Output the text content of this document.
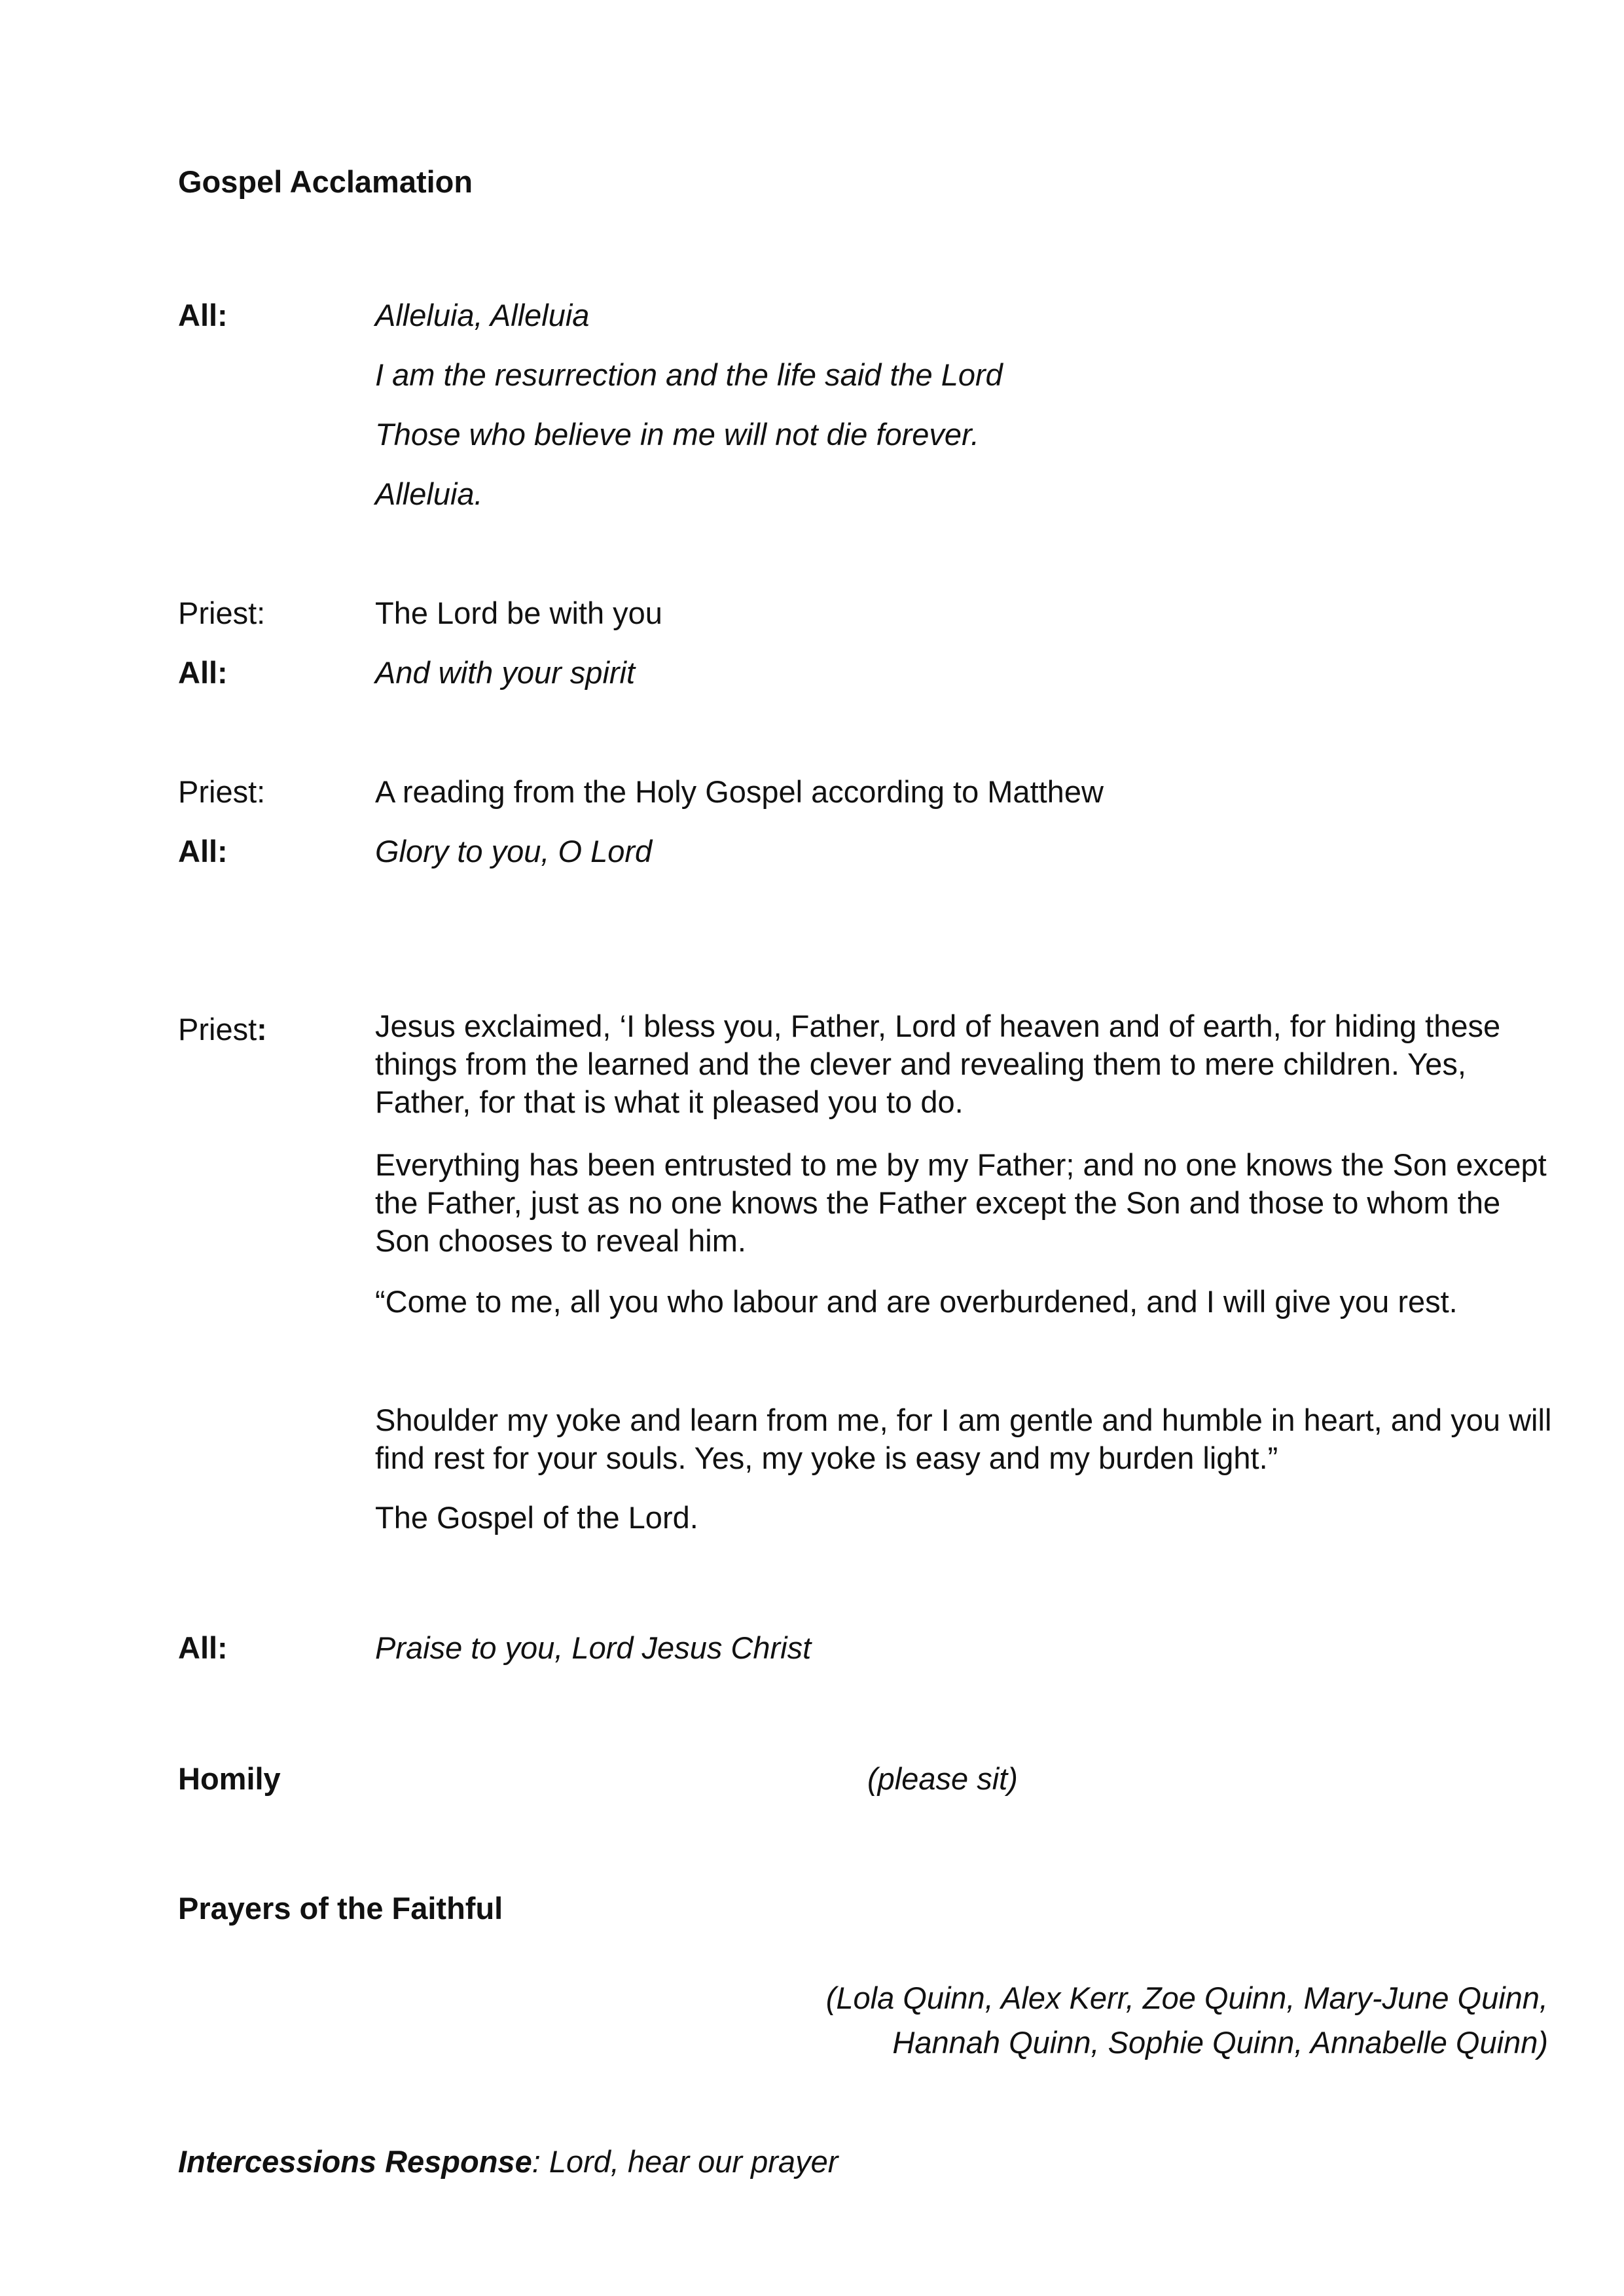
Gospel Acclamation
All:	Alleluia, Alleluia
I am the resurrection and the life said the Lord
Those who believe in me will not die forever.
Alleluia.
Priest:	The Lord be with you
All:	And with your spirit
Priest:	A reading from the Holy Gospel according to Matthew
All:	Glory to you, O Lord
Priest:	Jesus exclaimed, ‘I bless you, Father, Lord of heaven and of earth, for hiding these things from the learned and the clever and revealing them to mere children. Yes, Father, for that is what it pleased you to do.
Everything has been entrusted to me by my Father; and no one knows the Son except the Father, just as no one knows the Father except the Son and those to whom the Son chooses to reveal him.
“Come to me, all you who labour and are overburdened, and I will give you rest.
Shoulder my yoke and learn from me, for I am gentle and humble in heart, and you will find rest for your souls. Yes, my yoke is easy and my burden light.”
The Gospel of the Lord.
All:	Praise to you, Lord Jesus Christ
Homily	(please sit)
Prayers of the Faithful
(Lola Quinn, Alex Kerr, Zoe Quinn, Mary-June Quinn,
Hannah Quinn, Sophie Quinn, Annabelle Quinn)
Intercessions Response: Lord, hear our prayer
